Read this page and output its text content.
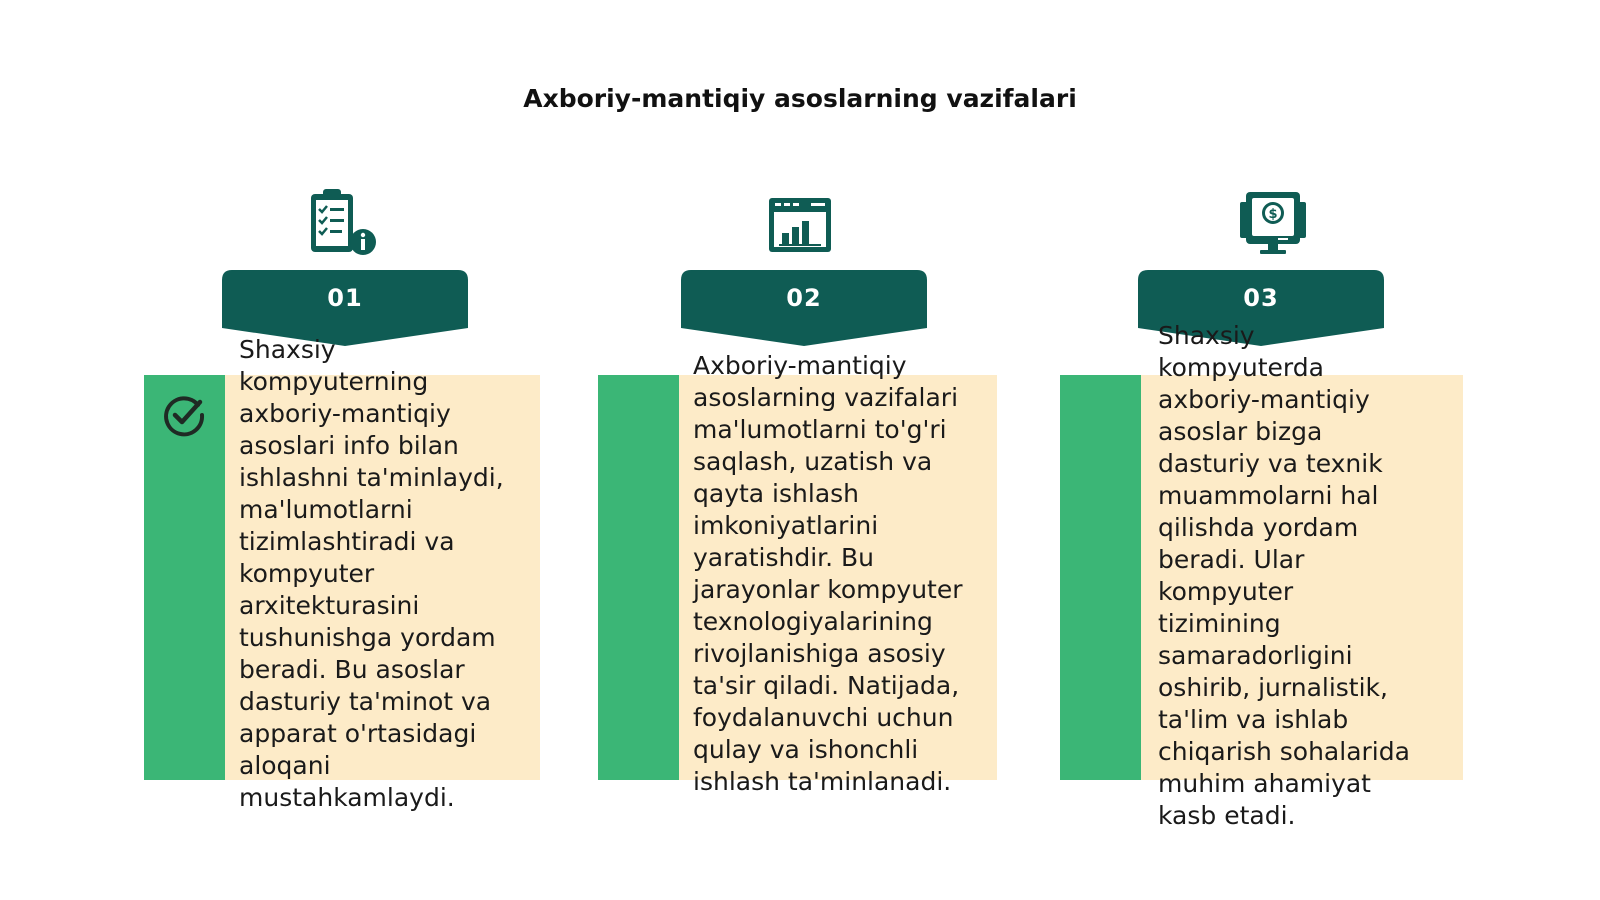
Axboriy-mantiqiy asoslarning vazifalari
01

Shaxsiy
kompyuterning
axboriy-mantiqiy
asoslari info bilan
ishlashni ta'minlaydi,
ma'lumotlarni
tizimlashtiradi va
kompyuter
arxitekturasini
tushunishga yordam
beradi. Bu asoslar
dasturiy ta'minot va
apparat o'rtasidagi
aloqani
mustahkamlaydi.

02

Axboriy-mantiqiy
asoslarning vazifalari
ma'lumotlarni to'g'ri
saqlash, uzatish va
qayta ishlash
imkoniyatlarini
yaratishdir. Bu
jarayonlar kompyuter
texnologiyalarining
rivojlanishiga asosiy
ta'sir qiladi. Natijada,
foydalanuvchi uchun
qulay va ishonchli
ishlash ta'minlanadi.

$
03

Shaxsiy
kompyuterda
axboriy-mantiqiy
asoslar bizga
dasturiy va texnik
muammolarni hal
qilishda yordam
beradi. Ular
kompyuter
tizimining
samaradorligini
oshirib, jurnalistik,
ta'lim va ishlab
chiqarish sohalarida
muhim ahamiyat
kasb etadi.
